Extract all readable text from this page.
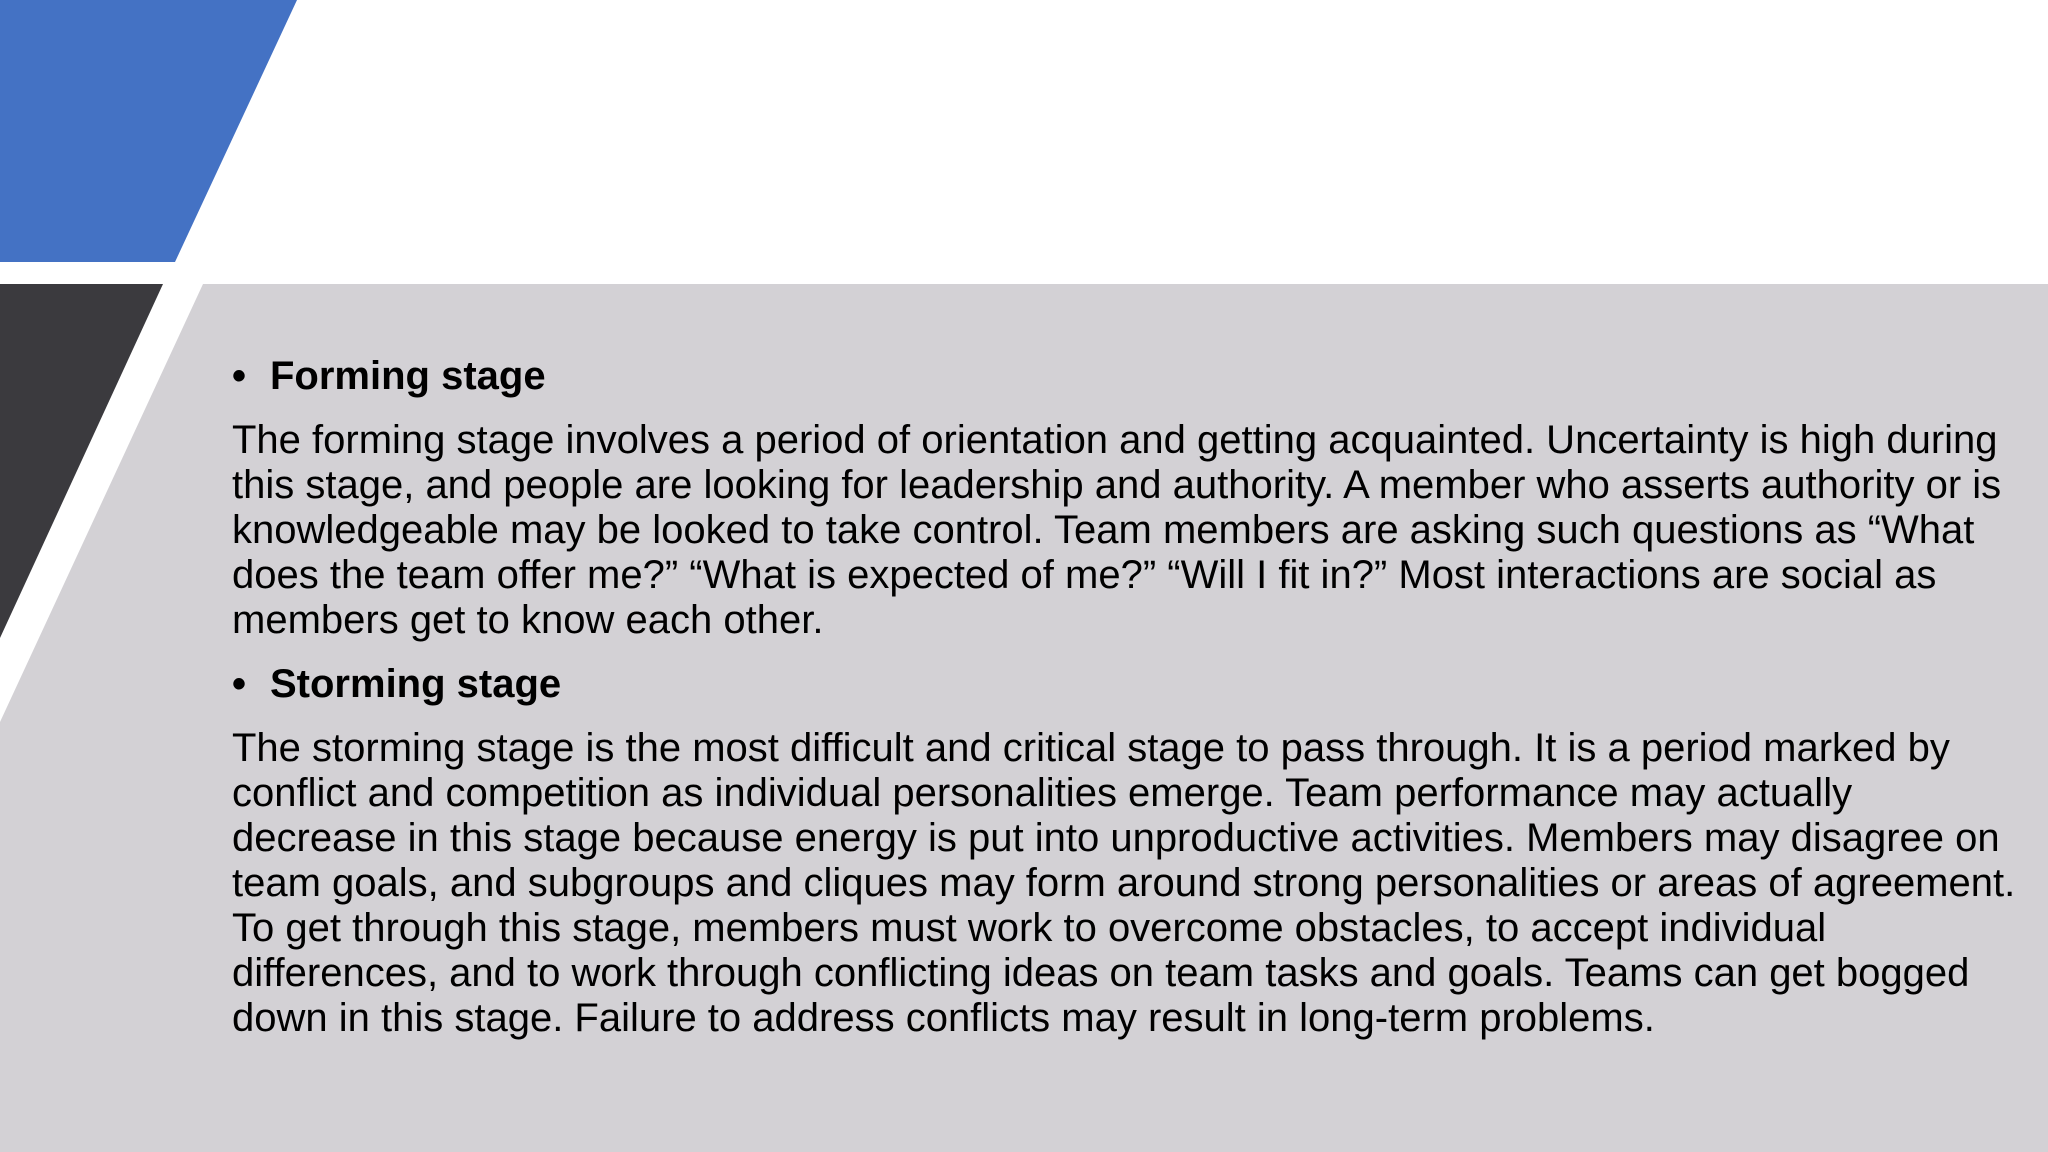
• Forming stage

The forming stage involves a period of orientation and getting acquainted. Uncertainty is high during this stage, and people are looking for leadership and authority. A member who asserts authority or is knowledgeable may be looked to take control. Team members are asking such questions as “What does the team offer me?” “What is expected of me?” “Will I fit in?” Most interactions are social as members get to know each other.

• Storming stage

The storming stage is the most difficult and critical stage to pass through. It is a period marked by conflict and competition as individual personalities emerge. Team performance may actually decrease in this stage because energy is put into unproductive activities. Members may disagree on team goals, and subgroups and cliques may form around strong personalities or areas of agreement. To get through this stage, members must work to overcome obstacles, to accept individual differences, and to work through conflicting ideas on team tasks and goals. Teams can get bogged down in this stage. Failure to address conflicts may result in long-term problems.
